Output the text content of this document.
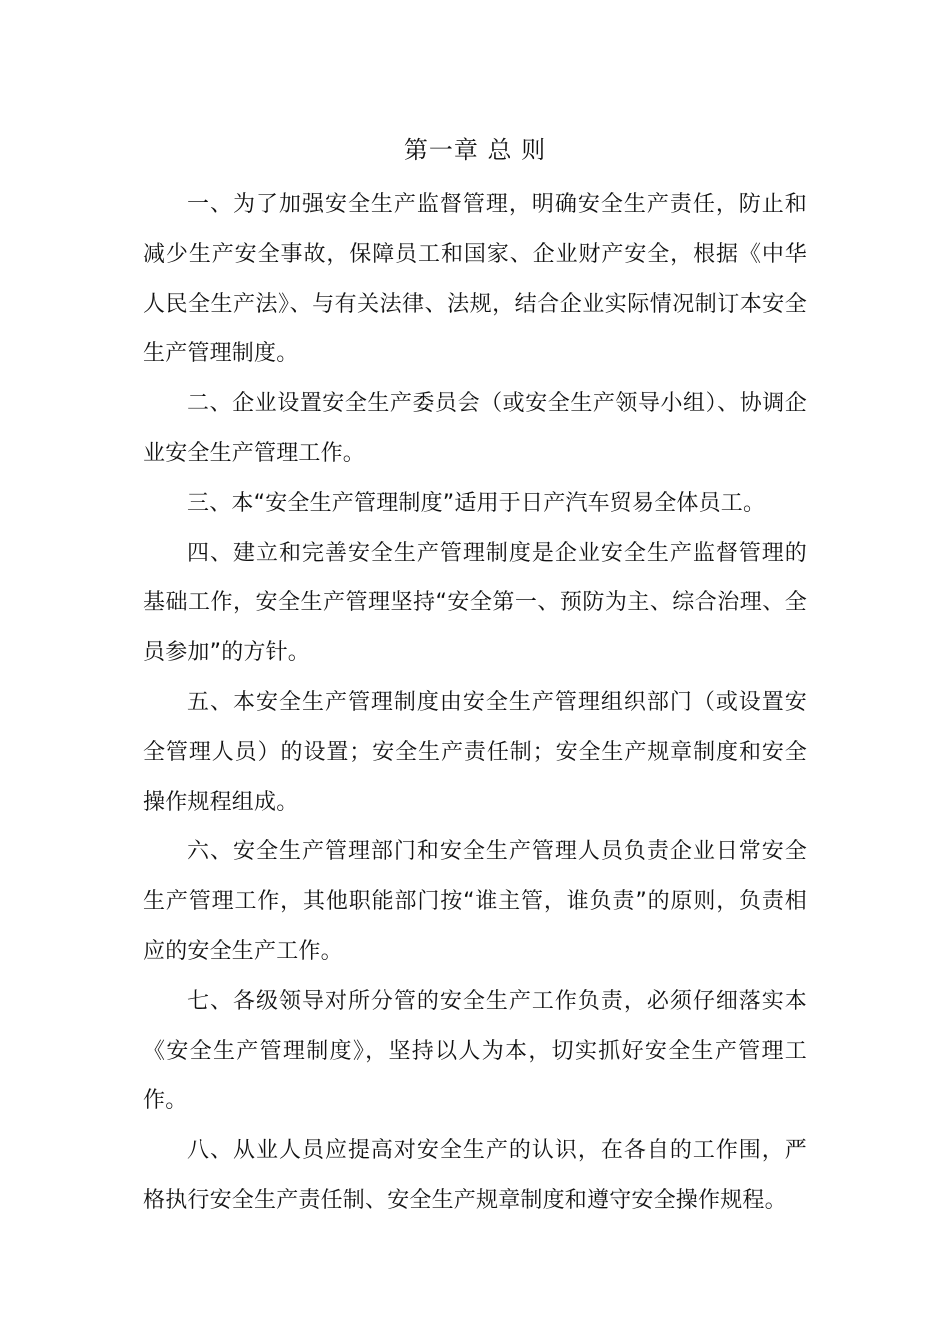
第一章 总 则

一、为了加强安全生产监督管理，明确安全生产责任，防止和减少生产安全事故，保障员工和国家、企业财产安全，根据《中华人民全生产法》、与有关法律、法规，结合企业实际情况制订本安全生产管理制度。

二、企业设置安全生产委员会（或安全生产领导小组）、协调企业安全生产管理工作。

三、本“安全生产管理制度”适用于日产汽车贸易全体员工。

四、建立和完善安全生产管理制度是企业安全生产监督管理的基础工作，安全生产管理坚持“安全第一、预防为主、综合治理、全员参加”的方针。

五、本安全生产管理制度由安全生产管理组织部门（或设置安全管理人员）的设置；安全生产责任制；安全生产规章制度和安全操作规程组成。

六、安全生产管理部门和安全生产管理人员负责企业日常安全生产管理工作，其他职能部门按“谁主管，谁负责”的原则，负责相应的安全生产工作。

七、各级领导对所分管的安全生产工作负责，必须仔细落实本《安全生产管理制度》，坚持以人为本，切实抓好安全生产管理工作。

八、从业人员应提高对安全生产的认识，在各自的工作围，严格执行安全生产责任制、安全生产规章制度和遵守安全操作规程。
